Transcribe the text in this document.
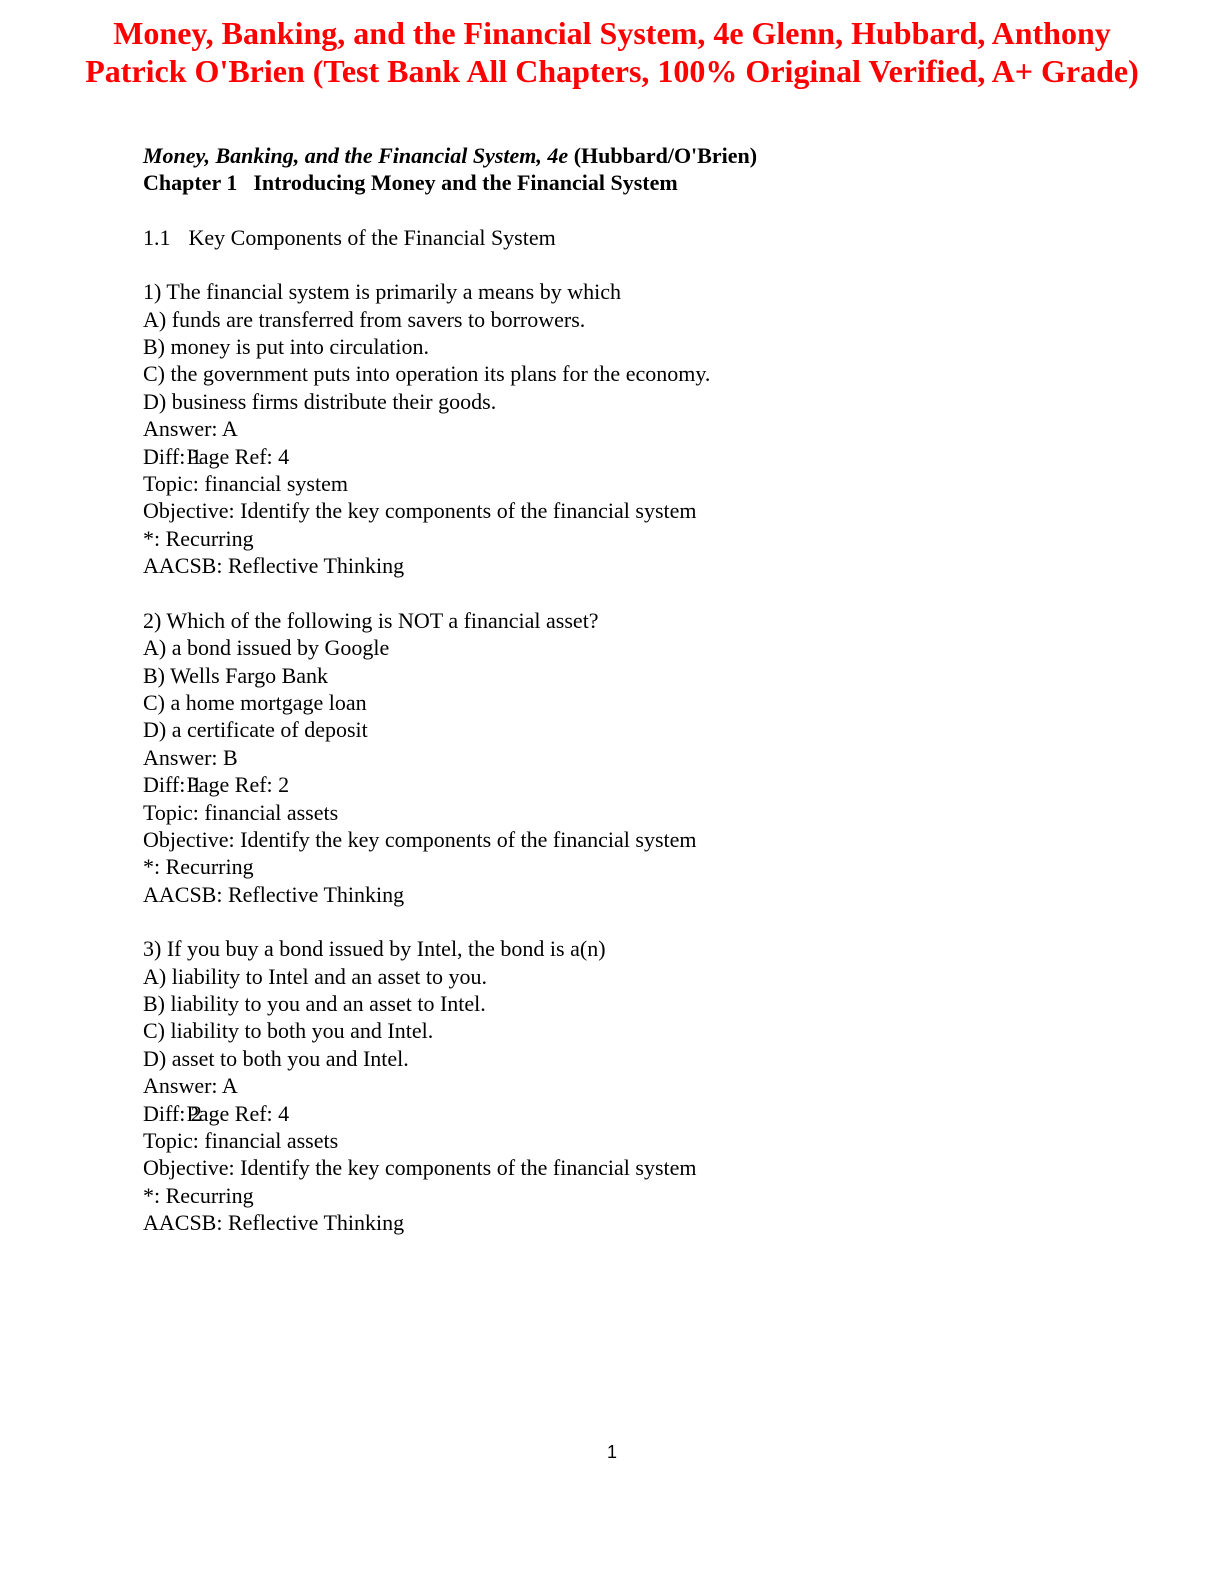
Money, Banking, and the Financial System, 4e Glenn, Hubbard, Anthony
Patrick O'Brien (Test Bank All Chapters, 100% Original Verified, A+ Grade)
Money, Banking, and the Financial System, 4e (Hubbard/O'Brien)
Chapter 1 Introducing Money and the Financial System
1.1 Key Components of the Financial System
1) The financial system is primarily a means by which
A) funds are transferred from savers to borrowers.
B) money is put into circulation.
C) the government puts into operation its plans for the economy.
D) business firms distribute their goods.
Answer: A
Diff: 1 Page Ref: 4
Topic: financial system
Objective: Identify the key components of the financial system
*: Recurring
AACSB: Reflective Thinking
2) Which of the following is NOT a financial asset?
A) a bond issued by Google
B) Wells Fargo Bank
C) a home mortgage loan
D) a certificate of deposit
Answer: B
Diff: 1 Page Ref: 2
Topic: financial assets
Objective: Identify the key components of the financial system
*: Recurring
AACSB: Reflective Thinking
3) If you buy a bond issued by Intel, the bond is a(n)
A) liability to Intel and an asset to you.
B) liability to you and an asset to Intel.
C) liability to both you and Intel.
D) asset to both you and Intel.
Answer: A
Diff: 2 Page Ref: 4
Topic: financial assets
Objective: Identify the key components of the financial system
*: Recurring
AACSB: Reflective Thinking
1
